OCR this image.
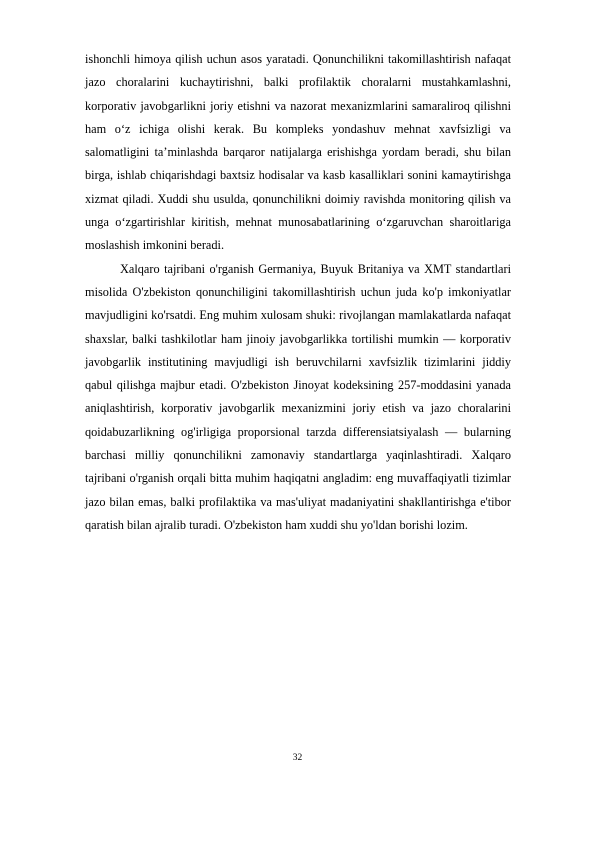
ishonchli himoya qilish uchun asos yaratadi. Qonunchilikni takomillashtirish nafaqat jazo choralarini kuchaytirishni, balki profilaktik choralarni mustahkamlashni, korporativ javobgarlikni joriy etishni va nazorat mexanizmlarini samaraliroq qilishni ham o‘z ichiga olishi kerak. Bu kompleks yondashuv mehnat xavfsizligi va salomatligini ta’minlashda barqaror natijalarga erishishga yordam beradi, shu bilan birga, ishlab chiqarishdagi baxtsiz hodisalar va kasb kasalliklari sonini kamaytirishga xizmat qiladi. Xuddi shu usulda, qonunchilikni doimiy ravishda monitoring qilish va unga o‘zgartirishlar kiritish, mehnat munosabatlarining o‘zgaruvchan sharoitlariga moslashish imkonini beradi.

Xalqaro tajribani o'rganish Germaniya, Buyuk Britaniya va XMT standartlari misolida O'zbekiston qonunchiligini takomillashtirish uchun juda ko'p imkoniyatlar mavjudligini ko'rsatdi. Eng muhim xulosam shuki: rivojlangan mamlakatlarda nafaqat shaxslar, balki tashkilotlar ham jinoiy javobgarlikka tortilishi mumkin — korporativ javobgarlik institutining mavjudligi ish beruvchilarni xavfsizlik tizimlarini jiddiy qabul qilishga majbur etadi. O'zbekiston Jinoyat kodeksining 257-moddasini yanada aniqlashtirish, korporativ javobgarlik mexanizmini joriy etish va jazo choralarini qoidabuzarlikning og'irligiga proporsional tarzda differensiatsiyalash — bularning barchasi milliy qonunchilikni zamonaviy standartlarga yaqinlashtiradi. Xalqaro tajribani o'rganish orqali bitta muhim haqiqatni angladim: eng muvaffaqiyatli tizimlar jazo bilan emas, balki profilaktika va mas'uliyat madaniyatini shakllantirishga e'tibor qaratish bilan ajralib turadi. O'zbekiston ham xuddi shu yo'ldan borishi lozim.

32
